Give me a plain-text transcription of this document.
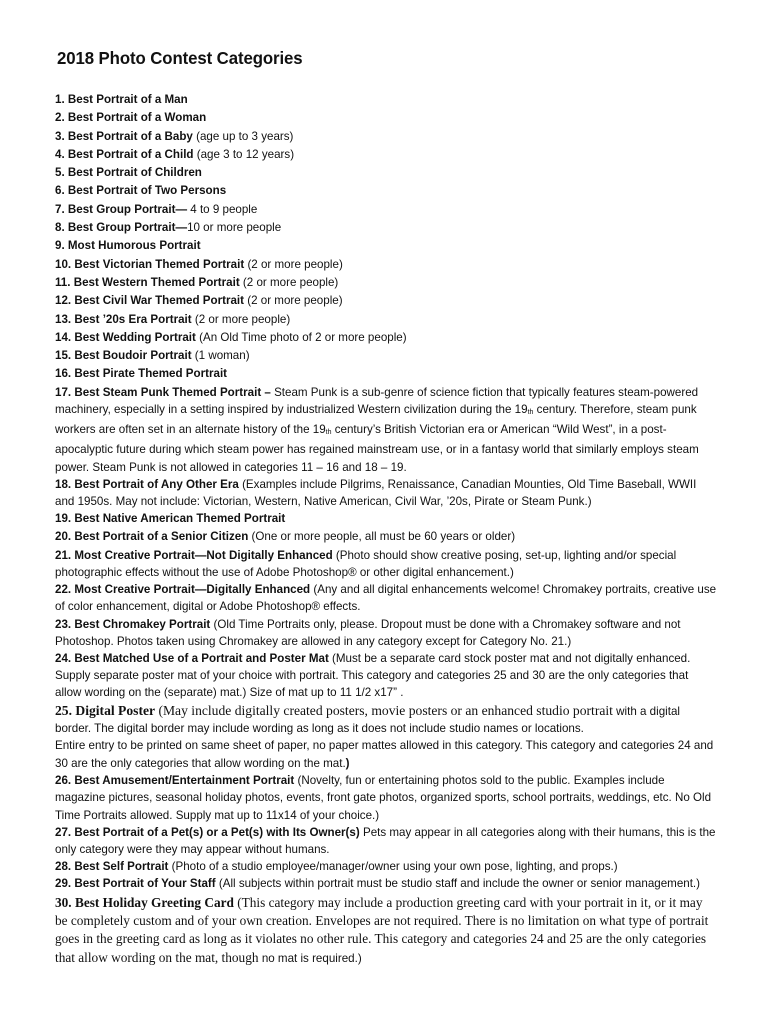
2018 Photo Contest Categories

1. Best Portrait of a Man

2. Best Portrait of a Woman

3. Best Portrait of a Baby (age up to 3 years)

4. Best Portrait of a Child (age 3 to 12 years)

5. Best Portrait of Children

6. Best Portrait of Two Persons

7. Best Group Portrait— 4 to 9 people

8. Best Group Portrait—10 or more people

9. Most Humorous Portrait

10. Best Victorian Themed Portrait (2 or more people)

11. Best Western Themed Portrait (2 or more people)

12. Best Civil War Themed Portrait (2 or more people)

13. Best ’20s Era Portrait (2 or more people)

14. Best Wedding Portrait (An Old Time photo of 2 or more people)

15. Best Boudoir Portrait (1 woman)

16. Best Pirate Themed Portrait

17. Best Steam Punk Themed Portrait – Steam Punk is a sub-genre of science fiction that typically features steam-powered machinery, especially in a setting inspired by industrialized Western civilization during the $19_{th}$ century. Therefore, steam punk workers are often set in an alternate history of the $19_{th}$ century’s British Victorian era or American “Wild West”, in a post-apocalyptic future during which steam power has regained mainstream use, or in a fantasy world that similarly employs steam power. Steam Punk is not allowed in categories 11 – 16 and 18 – 19.

18. Best Portrait of Any Other Era (Examples include Pilgrims, Renaissance, Canadian Mounties, Old Time Baseball, WWII and 1950s. May not include: Victorian, Western, Native American, Civil War, ’20s, Pirate or Steam Punk.)

19. Best Native American Themed Portrait

20. Best Portrait of a Senior Citizen (One or more people, all must be 60 years or older)

21. Most Creative Portrait—Not Digitally Enhanced (Photo should show creative posing, set-up, lighting and/or special photographic effects without the use of Adobe Photoshop® or other digital enhancement.)

22. Most Creative Portrait—Digitally Enhanced (Any and all digital enhancements welcome! Chromakey portraits, creative use of color enhancement, digital or Adobe Photoshop® effects.

23. Best Chromakey Portrait (Old Time Portraits only, please. Dropout must be done with a Chromakey software and not Photoshop. Photos taken using Chromakey are allowed in any category except for Category No. 21.)

24. Best Matched Use of a Portrait and Poster Mat (Must be a separate card stock poster mat and not digitally enhanced. Supply separate poster mat of your choice with portrait. This category and categories 25 and 30 are the only categories that allow wording on the (separate) mat.) Size of mat up to 11 1/2 x17” .

25. Digital Poster (May include digitally created posters, movie posters or an enhanced studio portrait with a digital border. The digital border may include wording as long as it does not include studio names or locations.
Entire entry to be printed on same sheet of paper, no paper mattes allowed in this category. This category and categories 24 and 30 are the only categories that allow wording on the mat.)

26. Best Amusement/Entertainment Portrait (Novelty, fun or entertaining photos sold to the public. Examples include magazine pictures, seasonal holiday photos, events, front gate photos, organized sports, school portraits, weddings, etc. No Old Time Portraits allowed. Supply mat up to 11x14 of your choice.)

27. Best Portrait of a Pet(s) or a Pet(s) with Its Owner(s) Pets may appear in all categories along with their humans, this is the only category were they may appear without humans.

28. Best Self Portrait (Photo of a studio employee/manager/owner using your own pose, lighting, and props.)

29. Best Portrait of Your Staff (All subjects within portrait must be studio staff and include the owner or senior management.)

30. Best Holiday Greeting Card (This category may include a production greeting card with your portrait in it, or it may be completely custom and of your own creation. Envelopes are not required. There is no limitation on what type of portrait goes in the greeting card as long as it violates no other rule. This category and categories 24 and 25 are the only categories that allow wording on the mat, though no mat is required.)
